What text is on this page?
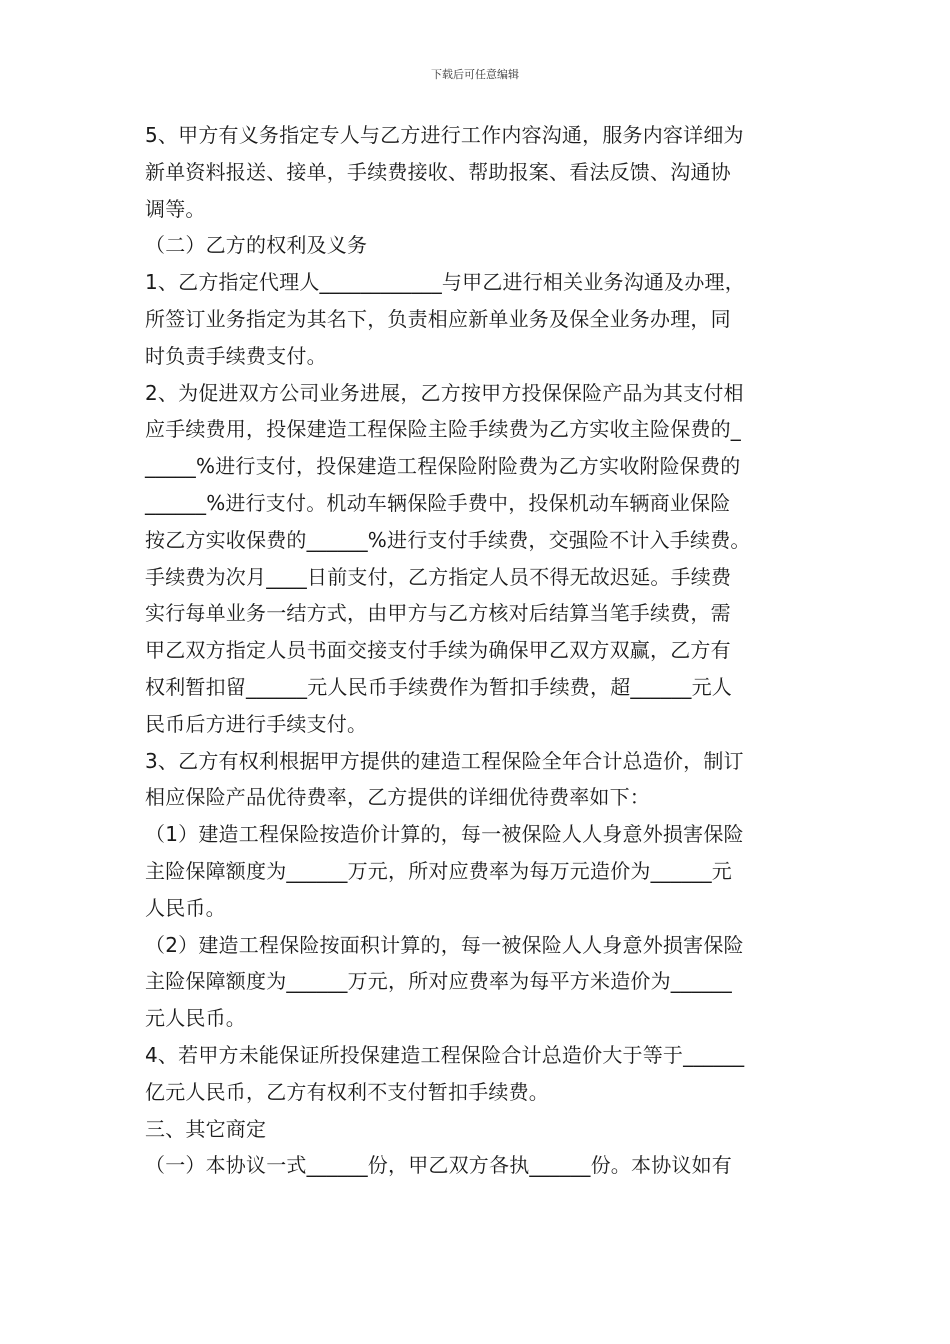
下载后可任意编辑
5、甲方有义务指定专人与乙方进行工作内容沟通，服务内容详细为
新单资料报送、接单，手续费接收、帮助报案、看法反馈、沟通协
调等。
（二）乙方的权利及义务
1、乙方指定代理人____________与甲乙进行相关业务沟通及办理，
所签订业务指定为其名下，负责相应新单业务及保全业务办理，同
时负责手续费支付。
2、为促进双方公司业务进展，乙方按甲方投保保险产品为其支付相
应手续费用，投保建造工程保险主险手续费为乙方实收主险保费的_
_____%进行支付，投保建造工程保险附险费为乙方实收附险保费的
______%进行支付。机动车辆保险手费中，投保机动车辆商业保险
按乙方实收保费的______%进行支付手续费，交强险不计入手续费。
手续费为次月____日前支付，乙方指定人员不得无故迟延。手续费
实行每单业务一结方式，由甲方与乙方核对后结算当笔手续费，需
甲乙双方指定人员书面交接支付手续为确保甲乙双方双赢，乙方有
权利暂扣留______元人民币手续费作为暂扣手续费，超______元人
民币后方进行手续支付。
3、乙方有权利根据甲方提供的建造工程保险全年合计总造价，制订
相应保险产品优待费率，乙方提供的详细优待费率如下：
（1）建造工程保险按造价计算的，每一被保险人人身意外损害保险
主险保障额度为______万元，所对应费率为每万元造价为______元
人民币。
（2）建造工程保险按面积计算的，每一被保险人人身意外损害保险
主险保障额度为______万元，所对应费率为每平方米造价为______
元人民币。
4、若甲方未能保证所投保建造工程保险合计总造价大于等于______
亿元人民币，乙方有权利不支付暂扣手续费。
三、其它商定
（一）本协议一式______份，甲乙双方各执______份。本协议如有
